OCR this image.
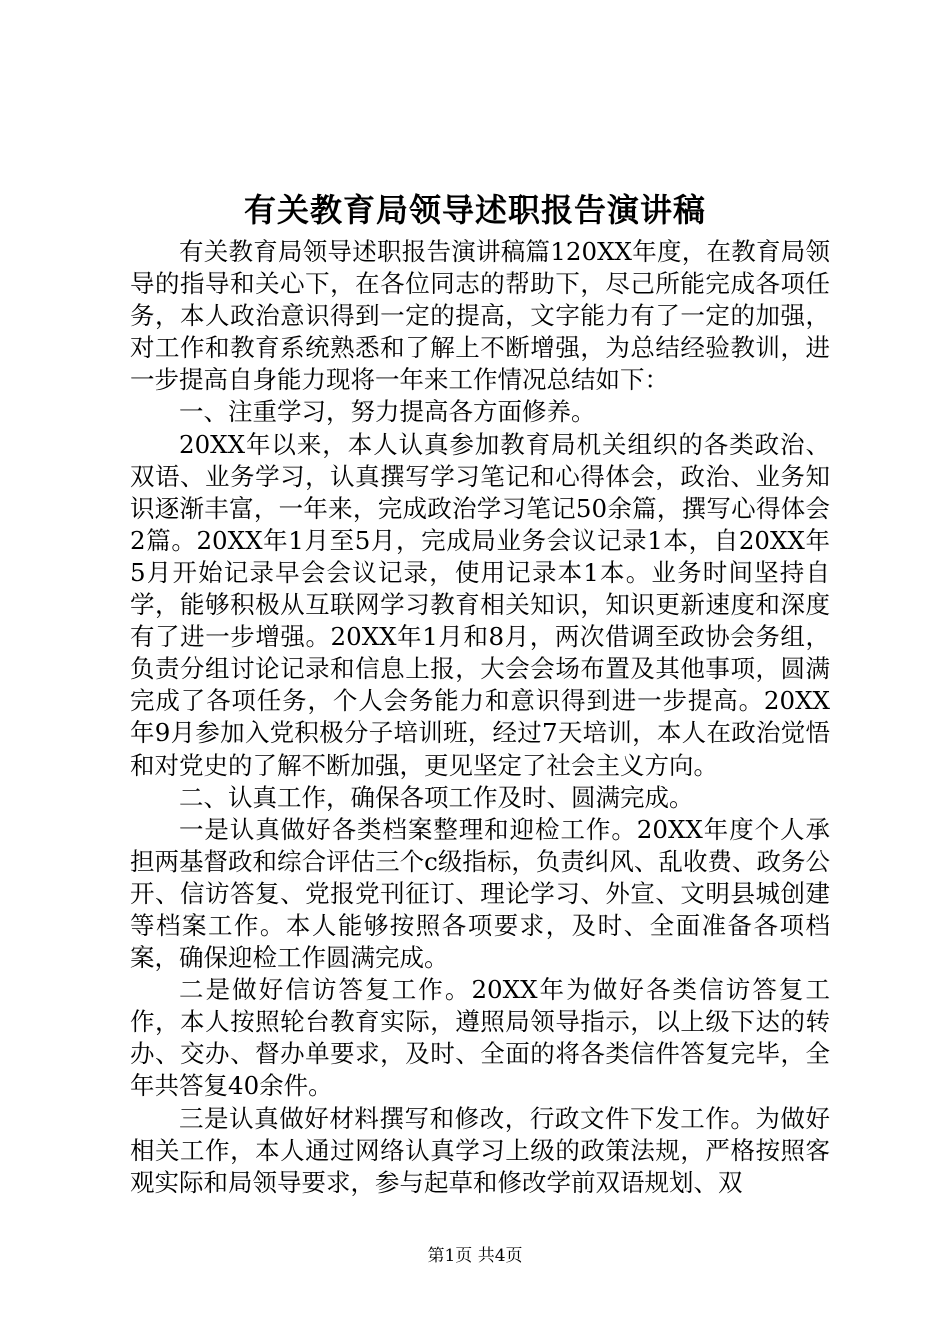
有关教育局领导述职报告演讲稿

有关教育局领导述职报告演讲稿篇120XX年度，在教育局领导的指导和关心下，在各位同志的帮助下，尽己所能完成各项任务，本人政治意识得到一定的提高，文字能力有了一定的加强，对工作和教育系统熟悉和了解上不断增强，为总结经验教训，进一步提高自身能力现将一年来工作情况总结如下：

一、注重学习，努力提高各方面修养。

20XX年以来，本人认真参加教育局机关组织的各类政治、双语、业务学习，认真撰写学习笔记和心得体会，政治、业务知识逐渐丰富，一年来，完成政治学习笔记50余篇，撰写心得体会2篇。20XX年1月至5月，完成局业务会议记录1本，自20XX年5月开始记录早会会议记录，使用记录本1本。业务时间坚持自学，能够积极从互联网学习教育相关知识，知识更新速度和深度有了进一步增强。20XX年1月和8月，两次借调至政协会务组，负责分组讨论记录和信息上报，大会会场布置及其他事项，圆满完成了各项任务，个人会务能力和意识得到进一步提高。20XX年9月参加入党积极分子培训班，经过7天培训，本人在政治觉悟和对党史的了解不断加强，更见坚定了社会主义方向。

二、认真工作，确保各项工作及时、圆满完成。

一是认真做好各类档案整理和迎检工作。20XX年度个人承担两基督政和综合评估三个c级指标，负责纠风、乱收费、政务公开、信访答复、党报党刊征订、理论学习、外宣、文明县城创建等档案工作。本人能够按照各项要求，及时、全面准备各项档案，确保迎检工作圆满完成。

二是做好信访答复工作。20XX年为做好各类信访答复工作，本人按照轮台教育实际，遵照局领导指示，以上级下达的转办、交办、督办单要求，及时、全面的将各类信件答复完毕，全年共答复40余件。

三是认真做好材料撰写和修改，行政文件下发工作。为做好相关工作，本人通过网络认真学习上级的政策法规，严格按照客观实际和局领导要求，参与起草和修改学前双语规划、双

第1页 共4页
